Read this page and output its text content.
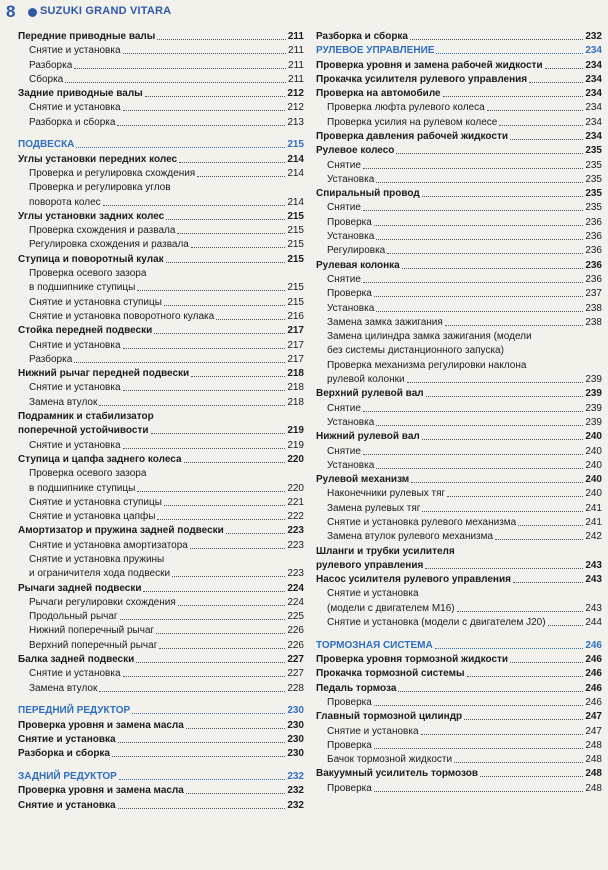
8 SUZUKI GRAND VITARA
Передние приводные валы	211
Снятие и установка	211
Разборка	211
Сборка	211
Задние приводные валы	212
Снятие и установка	212
Разборка и сборка	213
ПОДВЕСКА	215
Углы установки передних колес	214
Проверка и регулировка схождения	214
Проверка и регулировка углов
поворота колес	214
Углы установки задних колес	215
Проверка схождения и развала	215
Регулировка схождения и развала	215
Ступица и поворотный кулак	215
Проверка осевого зазора
в подшипнике ступицы	215
Снятие и установка ступицы	215
Снятие и установка поворотного кулака	216
Стойка передней подвески	217
Снятие и установка	217
Разборка	217
Нижний рычаг передней подвески	218
Снятие и установка	218
Замена втулок	218
Подрамник и стабилизатор
поперечной устойчивости	219
Снятие и установка	219
Ступица и цапфа заднего колеса	220
Проверка осевого зазора
в подшипнике ступицы	220
Снятие и установка ступицы	221
Снятие и установка цапфы	222
Амортизатор и пружина задней подвески	223
Снятие и установка амортизатора	223
Снятие и установка пружины
и ограничителя хода подвески	223
Рычаги задней подвески	224
Рычаги регулировки схождения	224
Продольный рычаг	225
Нижний поперечный рычаг	226
Верхний поперечный рычаг	226
Балка задней подвески	227
Снятие и установка	227
Замена втулок	228
ПЕРЕДНИЙ РЕДУКТОР	230
Проверка уровня и замена масла	230
Снятие и установка	230
Разборка и сборка	230
ЗАДНИЙ РЕДУКТОР	232
Проверка уровня и замена масла	232
Снятие и установка	232
Разборка и сборка	232
РУЛЕВОЕ УПРАВЛЕНИЕ	234
Проверка уровня и замена рабочей жидкости	234
Прокачка усилителя рулевого управления	234
Проверка на автомобиле	234
Проверка люфта рулевого колеса	234
Проверка усилия на рулевом колесе	234
Проверка давления рабочей жидкости	234
Рулевое колесо	235
Снятие	235
Установка	235
Спиральный провод	235
Снятие	235
Проверка	236
Установка	236
Регулировка	236
Рулевая колонка	236
Снятие	236
Проверка	237
Установка	238
Замена замка зажигания	238
Замена цилиндра замка зажигания (модели
без системы дистанционного запуска)
Проверка механизма регулировки наклона
рулевой колонки	239
Верхний рулевой вал	239
Снятие	239
Установка	239
Нижний рулевой вал	240
Снятие	240
Установка	240
Рулевой механизм	240
Наконечники рулевых тяг	240
Замена рулевых тяг	241
Снятие и установка рулевого механизма	241
Замена втулок рулевого механизма	242
Шланги и трубки усилителя
рулевого управления	243
Насос усилителя рулевого управления	243
Снятие и установка
(модели с двигателем M16)	243
Снятие и установка (модели с двигателем J20)	244
ТОРМОЗНАЯ СИСТЕМА	246
Проверка уровня тормозной жидкости	246
Прокачка тормозной системы	246
Педаль тормоза	246
Проверка	246
Главный тормозной цилиндр	247
Снятие и установка	247
Проверка	248
Бачок тормозной жидкости	248
Вакуумный усилитель тормозов	248
Проверка	248
